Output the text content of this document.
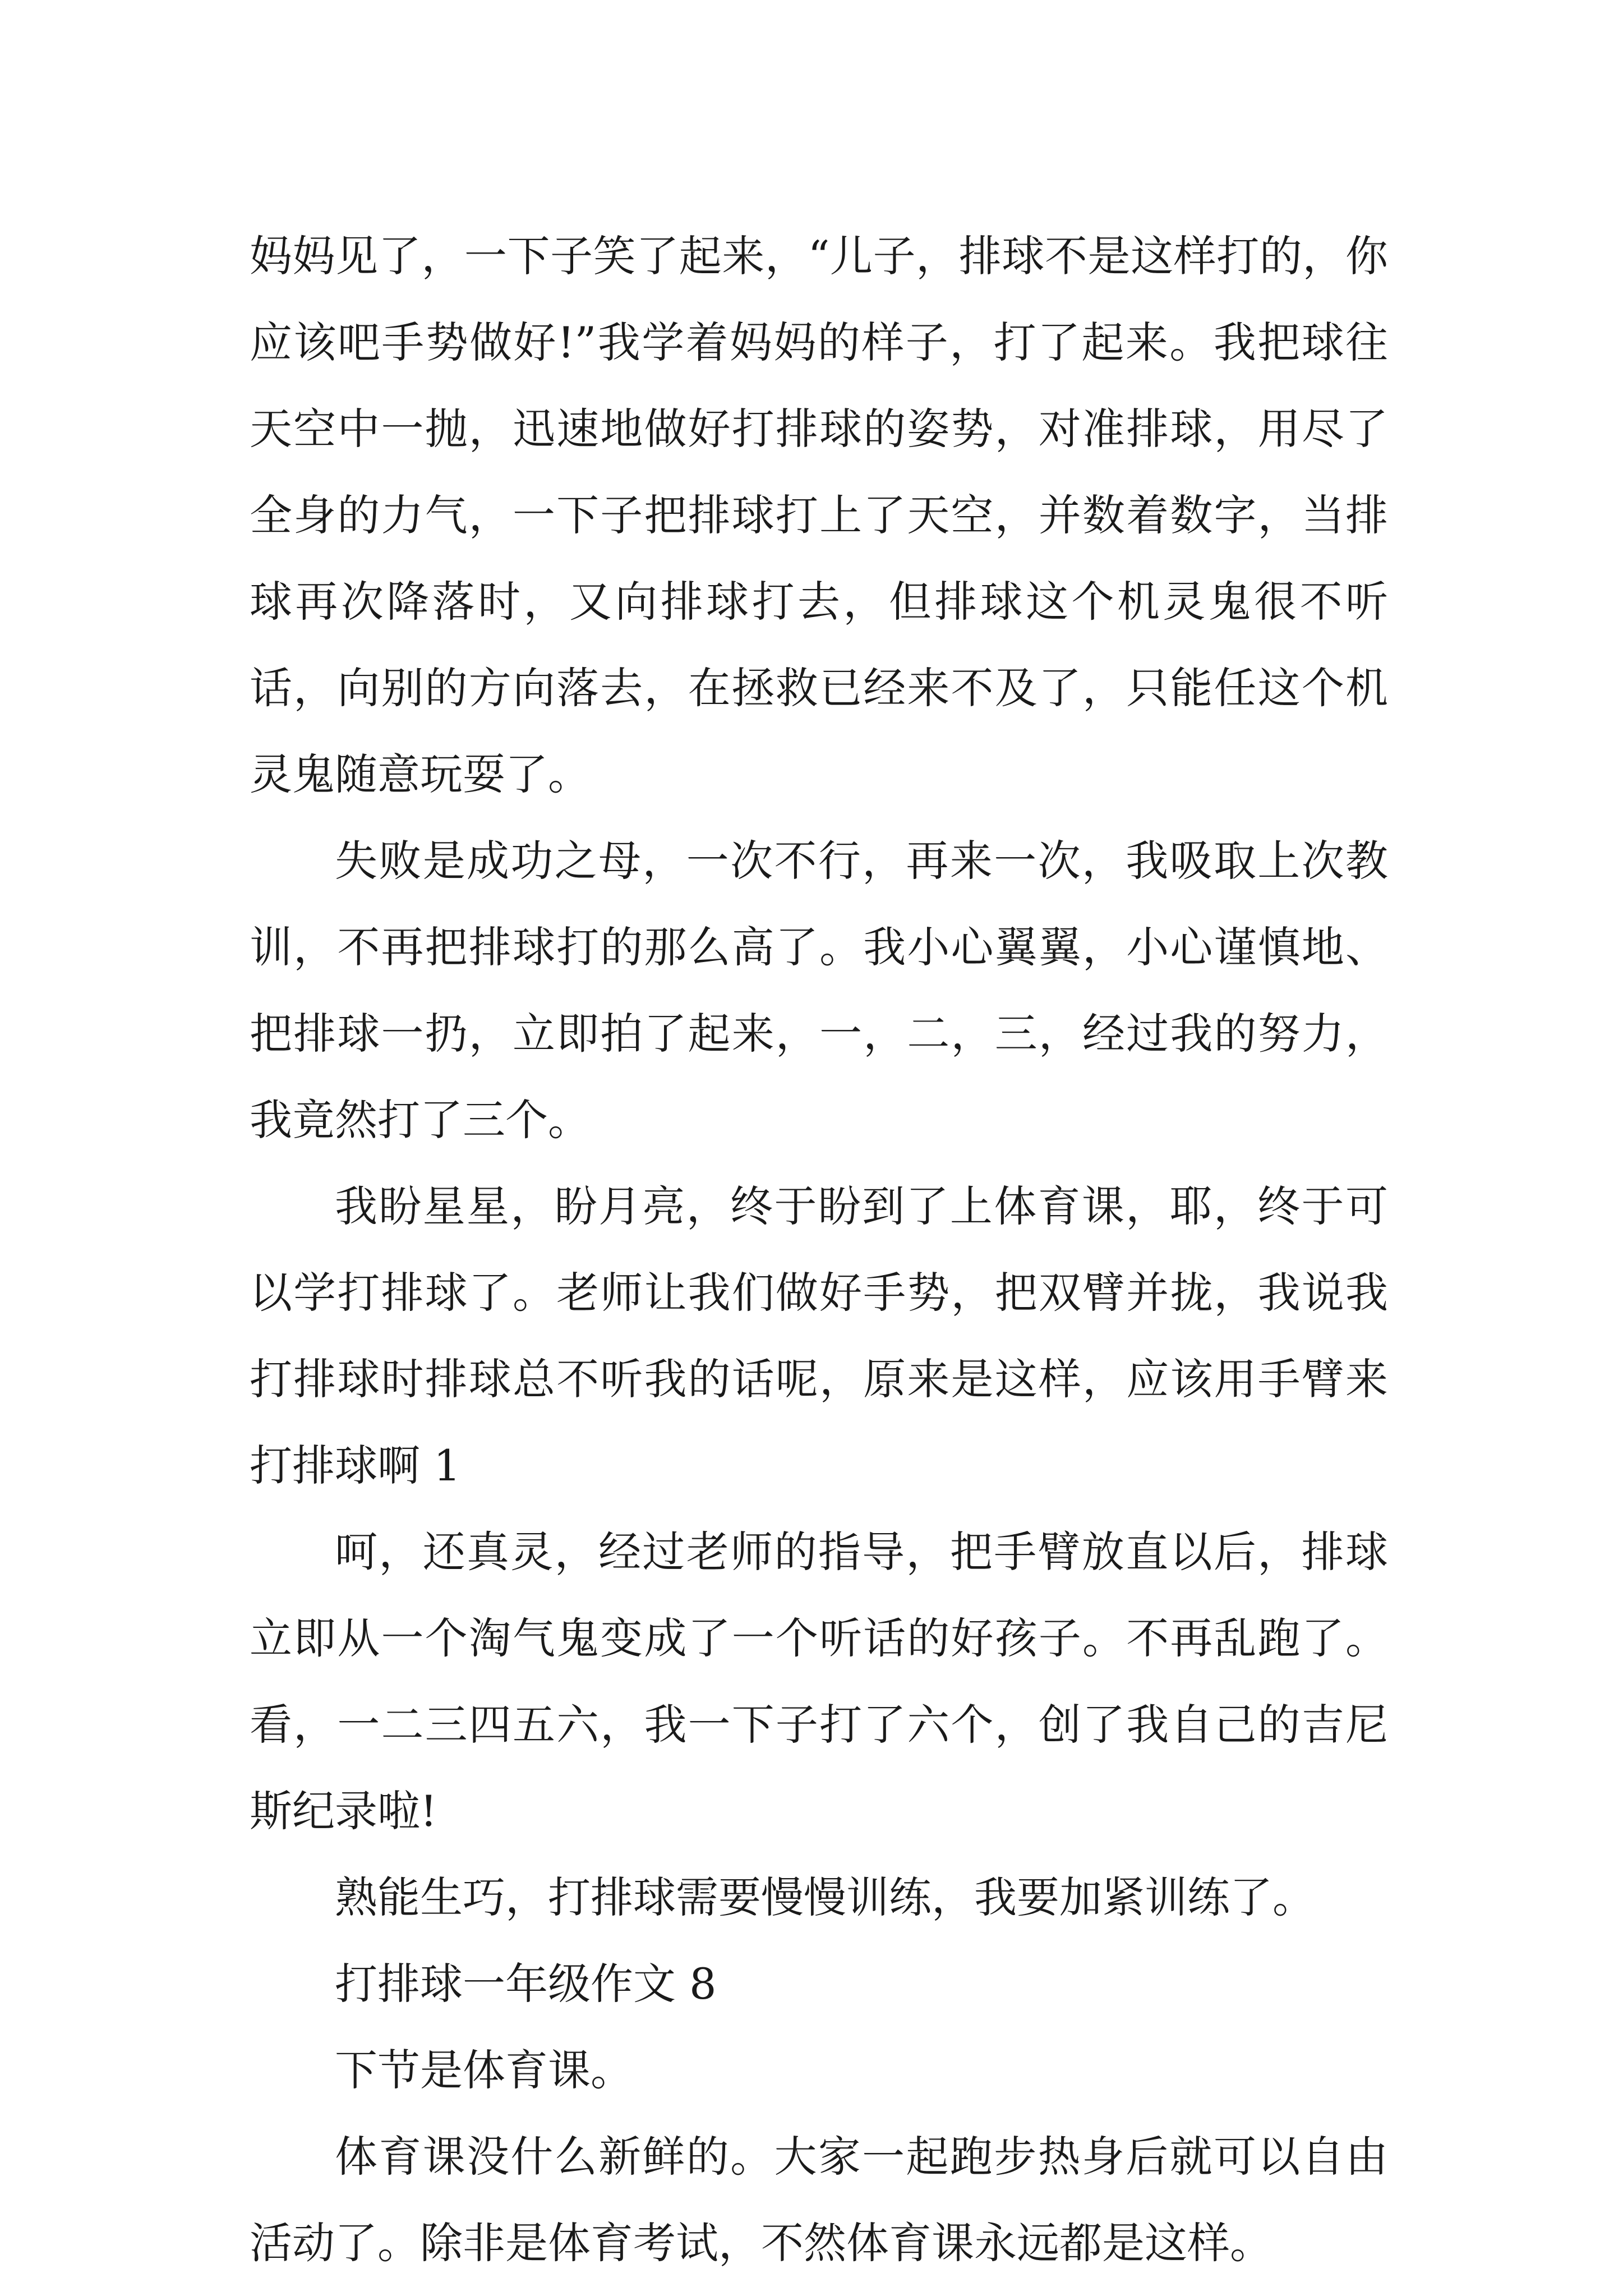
妈妈见了，一下子笑了起来，“儿子，排球不是这样打的，你应该吧手势做好!”我学着妈妈的样子，打了起来。我把球往天空中一抛，迅速地做好打排球的姿势，对准排球，用尽了全身的力气，一下子把排球打上了天空，并数着数字，当排球再次降落时，又向排球打去，但排球这个机灵鬼很不听话，向别的方向落去，在拯救已经来不及了，只能任这个机灵鬼随意玩耍了。

失败是成功之母，一次不行，再来一次，我吸取上次教训，不再把排球打的那么高了。我小心翼翼，小心谨慎地、把排球一扔，立即拍了起来，一，二，三，经过我的努力，我竟然打了三个。

我盼星星，盼月亮，终于盼到了上体育课，耶，终于可以学打排球了。老师让我们做好手势，把双臂并拢，我说我打排球时排球总不听我的话呢，原来是这样，应该用手臂来打排球啊 1

呵，还真灵，经过老师的指导，把手臂放直以后，排球立即从一个淘气鬼变成了一个听话的好孩子。不再乱跑了。看，一二三四五六，我一下子打了六个，创了我自己的吉尼斯纪录啦!

熟能生巧，打排球需要慢慢训练，我要加紧训练了。

打排球一年级作文 8

下节是体育课。

体育课没什么新鲜的。大家一起跑步热身后就可以自由活动了。除非是体育考试，不然体育课永远都是这样。
